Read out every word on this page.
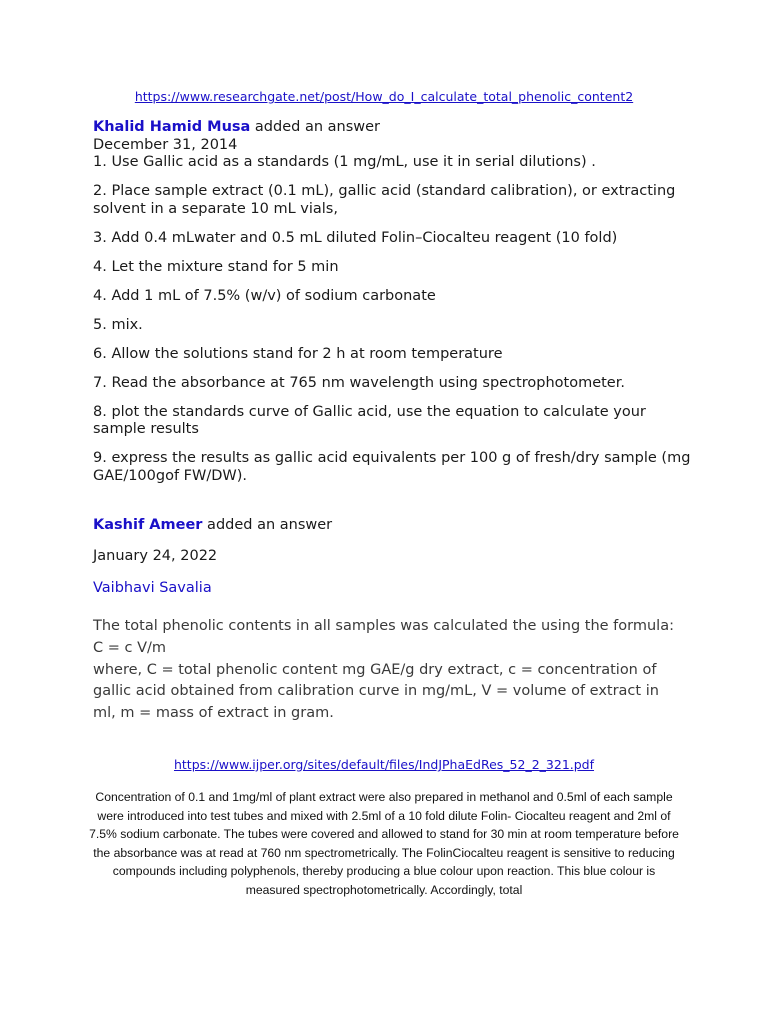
https://www.researchgate.net/post/How_do_I_calculate_total_phenolic_content2

Khalid Hamid Musa added an answer

December 31, 2014

1. Use Gallic acid as a standards (1 mg/mL, use it in serial dilutions) .
2. Place sample extract (0.1 mL), gallic acid (standard calibration), or extracting solvent in a separate 10 mL vials,
3. Add 0.4 mLwater and 0.5 mL diluted Folin–Ciocalteu reagent (10 fold)
4. Let the mixture stand for 5 min
4. Add 1 mL of 7.5% (w/v) of sodium carbonate
5. mix.
6. Allow the solutions stand for 2 h at room temperature
7. Read the absorbance at 765 nm wavelength using spectrophotometer.
8. plot the standards curve of Gallic acid, use the equation to calculate your sample results
9. express the results as gallic acid equivalents per 100 g of fresh/dry sample (mg GAE/100gof FW/DW).

Kashif Ameer added an answer

January 24, 2022

Vaibhavi Savalia

The total phenolic contents in all samples was calculated the using the formula:

C = c V/m

where, C = total phenolic content mg GAE/g dry extract, c = concentration of gallic acid obtained from calibration curve in mg/mL, V = volume of extract in ml, m = mass of extract in gram.

https://www.ijper.org/sites/default/files/IndJPhaEdRes_52_2_321.pdf

Concentration of 0.1 and 1mg/ml of plant extract were also prepared in methanol and 0.5ml of each sample were introduced into test tubes and mixed with 2.5ml of a 10 fold dilute Folin- Ciocalteu reagent and 2ml of 7.5% sodium carbonate. The tubes were covered and allowed to stand for 30 min at room temperature before the absorbance was at read at 760 nm spectrometrically. The FolinCiocalteu reagent is sensitive to reducing compounds including polyphenols, thereby producing a blue colour upon reaction. This blue colour is measured spectrophotometrically. Accordingly, total
